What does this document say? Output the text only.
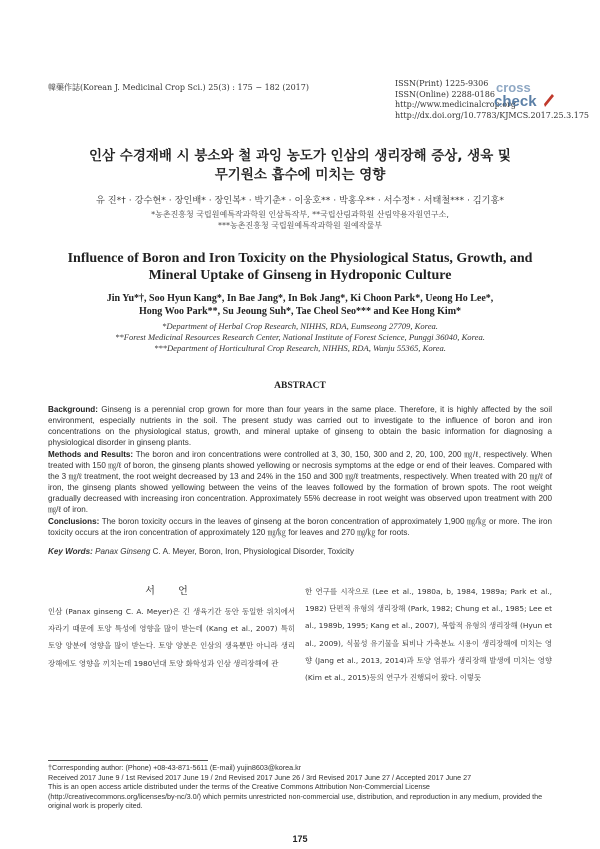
韓藥作誌(Korean J. Medicinal Crop Sci.) 25(3) : 175 − 182 (2017)	ISSN(Print) 1225-9306
ISSN(Online) 2288-0186
http://www.medicinalcrop.org
http://dx.doi.org/10.7783/KJMCS.2017.25.3.175
cross
check
인삼 수경재배 시 붕소와 철 과잉 농도가 인삼의 생리장해 증상, 생육 및
무기원소 흡수에 미치는 영향
유 진*† · 강수현* · 장인배* · 장인복* · 박기춘* · 이웅호** · 박홍우** · 서수정* · 서태철*** · 김기홍*
*농촌진흥청 국립원예특작과학원 인삼특작부, **국립산림과학원 산림약용자원연구소,
***농촌진흥청 국립원예특작과학원 원예작물부
Influence of Boron and Iron Toxicity on the Physiological Status, Growth, and
Mineral Uptake of Ginseng in Hydroponic Culture
Jin Yu*†, Soo Hyun Kang*, In Bae Jang*, In Bok Jang*, Ki Choon Park*, Ueong Ho Lee*,
Hong Woo Park**, Su Jeoung Suh*, Tae Cheol Seo*** and Kee Hong Kim*
*Department of Herbal Crop Research, NIHHS, RDA, Eumseong 27709, Korea.
**Forest Medicinal Resources Research Center, National Institute of Forest Science, Punggi 36040, Korea.
***Department of Horticultural Crop Research, NIHHS, RDA, Wanju 55365, Korea.
ABSTRACT

Background: Ginseng is a perennial crop grown for more than four years in the same place. Therefore, it is highly affected by the soil environment, especially nutrients in the soil. The present study was carried out to investigate to the influence of boron and iron concentrations on the physiological status, growth, and mineral uptake of ginseng to obtain the basic information for diagnosing a physiological disorder in ginseng plants.

Methods and Results: The boron and iron concentrations were controlled at 3, 30, 150, 300 and 2, 20, 100, 200 ㎎/ℓ, respectively. When treated with 150 ㎎/ℓ of boron, the ginseng plants showed yellowing or necrosis symptoms at the edge or end of their leaves. Compared with the 3 ㎎/ℓ treatment, the root weight decreased by 13 and 24% in the 150 and 300 ㎎/ℓ treatments, respectively. When treated with 20 ㎎/ℓ of iron, the ginseng plants showed yellowing between the veins of the leaves followed by the formation of brown spots. The root weight gradually decreased with increasing iron concentration. Approximately 55% decrease in root weight was observed upon treatment with 200 ㎎/ℓ of iron.

Conclusions: The boron toxicity occurs in the leaves of ginseng at the boron concentration of approximately 1,900 ㎎/㎏ or more. The iron toxicity occurs at the iron concentration of approximately 120 ㎎/㎏ for leaves and 270 ㎎/㎏ for roots.

Key Words: Panax Ginseng C. A. Meyer, Boron, Iron, Physiological Disorder, Toxicity
서 언

인삼 (Panax ginseng C. A. Meyer)은 긴 생육기간 동안 동일한 위치에서 자라기 때문에 토양 특성에 영향을 많이 받는데 (Kang et al., 2007) 특히 토양 양분에 영향을 많이 받는다. 토양 양분은 인삼의 생육뿐만 아니라 생리장해에도 영향을 끼치는데 1980년대 토양 화학성과 인삼 생리장해에 관

한 연구를 시작으로 (Lee et al., 1980a, b, 1984, 1989a; Park et al., 1982) 단편적 유형의 생리장해 (Park, 1982; Chung et al., 1985; Lee et al., 1989b, 1995; Kang et al., 2007), 복합적 유형의 생리장해 (Hyun et al., 2009), 식물성 유기물을 퇴비나 가축분뇨 시용이 생리장해에 미치는 영향 (Jang et al., 2013, 2014)과 토양 염류가 생리장해 발생에 미치는 영향 (Kim et al., 2015)등의 연구가 진행되어 왔다. 이렇듯

†Corresponding author: (Phone) +08-43-871-5611 (E-mail) yujin8603@korea.kr
Received 2017 June 9 / 1st Revised 2017 June 19 / 2nd Revised 2017 June 26 / 3rd Revised 2017 June 27 / Accepted 2017 June 27
This is an open access article distributed under the terms of the Creative Commons Attribution Non-Commercial License (http://creativecommons.org/licenses/by-nc/3.0/) which permits unrestricted non-commercial use, distribution, and reproduction in any medium, provided the original work is properly cited.
175
